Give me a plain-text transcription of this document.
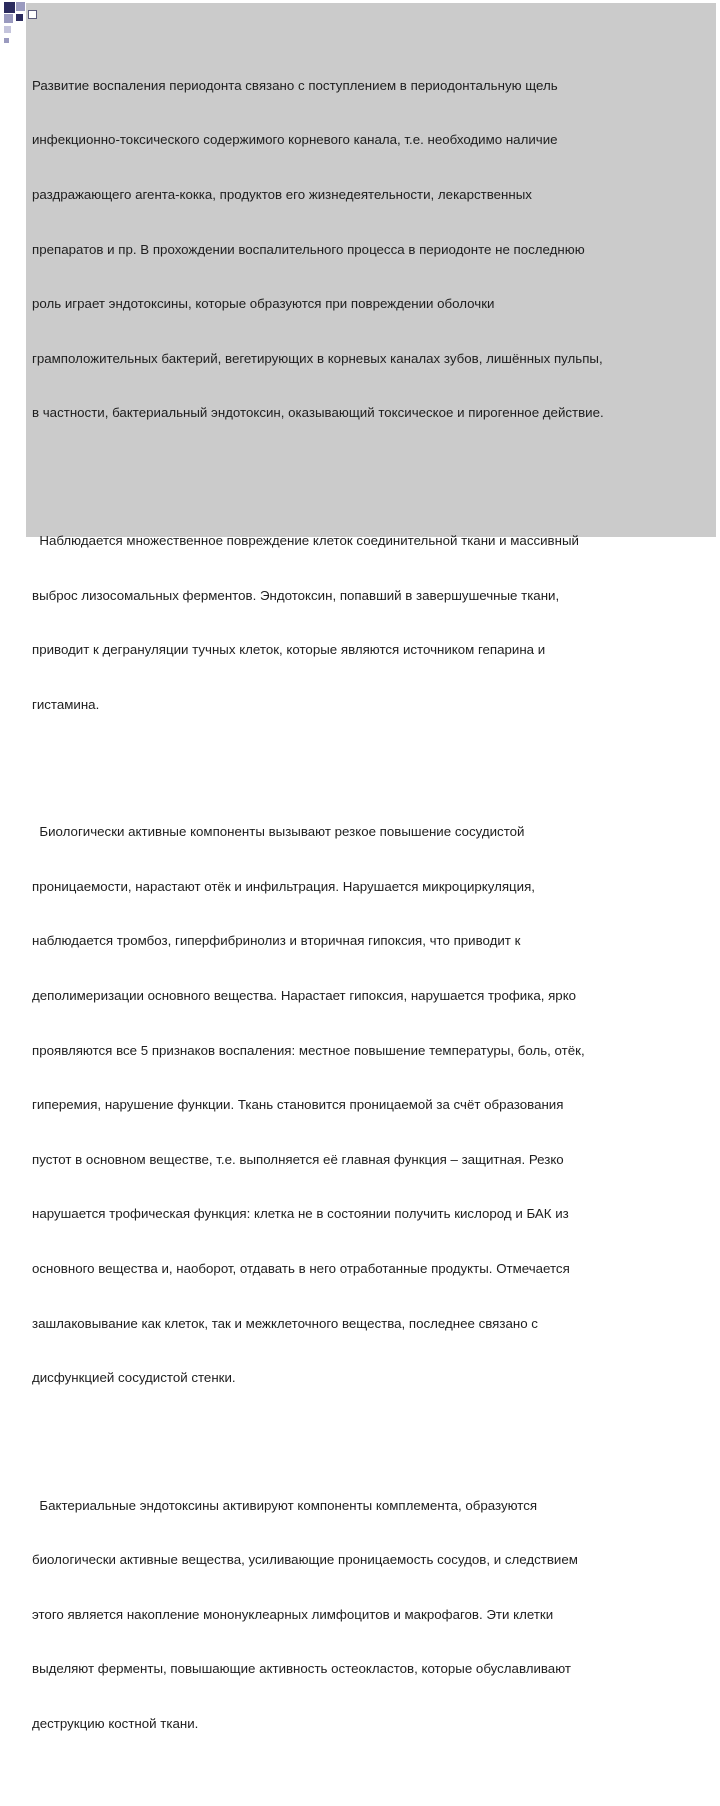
Развитие воспаления периодонта связано с поступлением в периодонтальную щель

инфекционно-токсического содержимого корневого канала, т.е. необходимо наличие

раздражающего агента-кокка, продуктов его жизнедеятельности, лекарственных

препаратов и пр. В прохождении воспалительного процесса в периодонте не последнюю

роль играет эндотоксины, которые образуются при повреждении оболочки

грамположительных бактерий, вегетирующих в корневых каналах зубов, лишённых пульпы,

в частности, бактериальный эндотоксин, оказывающий токсическое и пирогенное действие.

Наблюдается множественное повреждение клеток соединительной ткани и массивный

выброс лизосомальных ферментов. Эндотоксин, попавший в завершушечные ткани,

приводит к дегрануляции тучных клеток, которые являются источником гепарина и

гистамина.

Биологически активные компоненты вызывают резкое повышение сосудистой

проницаемости, нарастают отёк и инфильтрация. Нарушается микроциркуляция,

наблюдается тромбоз, гиперфибринолиз и вторичная гипоксия, что приводит к

деполимеризации основного вещества. Нарастает гипоксия, нарушается трофика, ярко

проявляются все 5 признаков воспаления: местное повышение температуры, боль, отёк,

гиперемия, нарушение функции. Ткань становится проницаемой за счёт образования

пустот в основном веществе, т.е. выполняется её главная функция – защитная. Резко

нарушается трофическая функция: клетка не в состоянии получить кислород и БАК из

основного вещества и, наоборот, отдавать в него отработанные продукты. Отмечается

зашлаковывание как клеток, так и межклеточного вещества, последнее связано с

дисфункцией сосудистой стенки.

Бактериальные эндотоксины активируют компоненты комплемента, образуются

биологически активные вещества, усиливающие проницаемость сосудов, и следствием

этого является накопление мононуклеарных лимфоцитов и макрофагов. Эти клетки

выделяют ферменты, повышающие активность остеокластов, которые обуславливают

деструкцию костной ткани.
